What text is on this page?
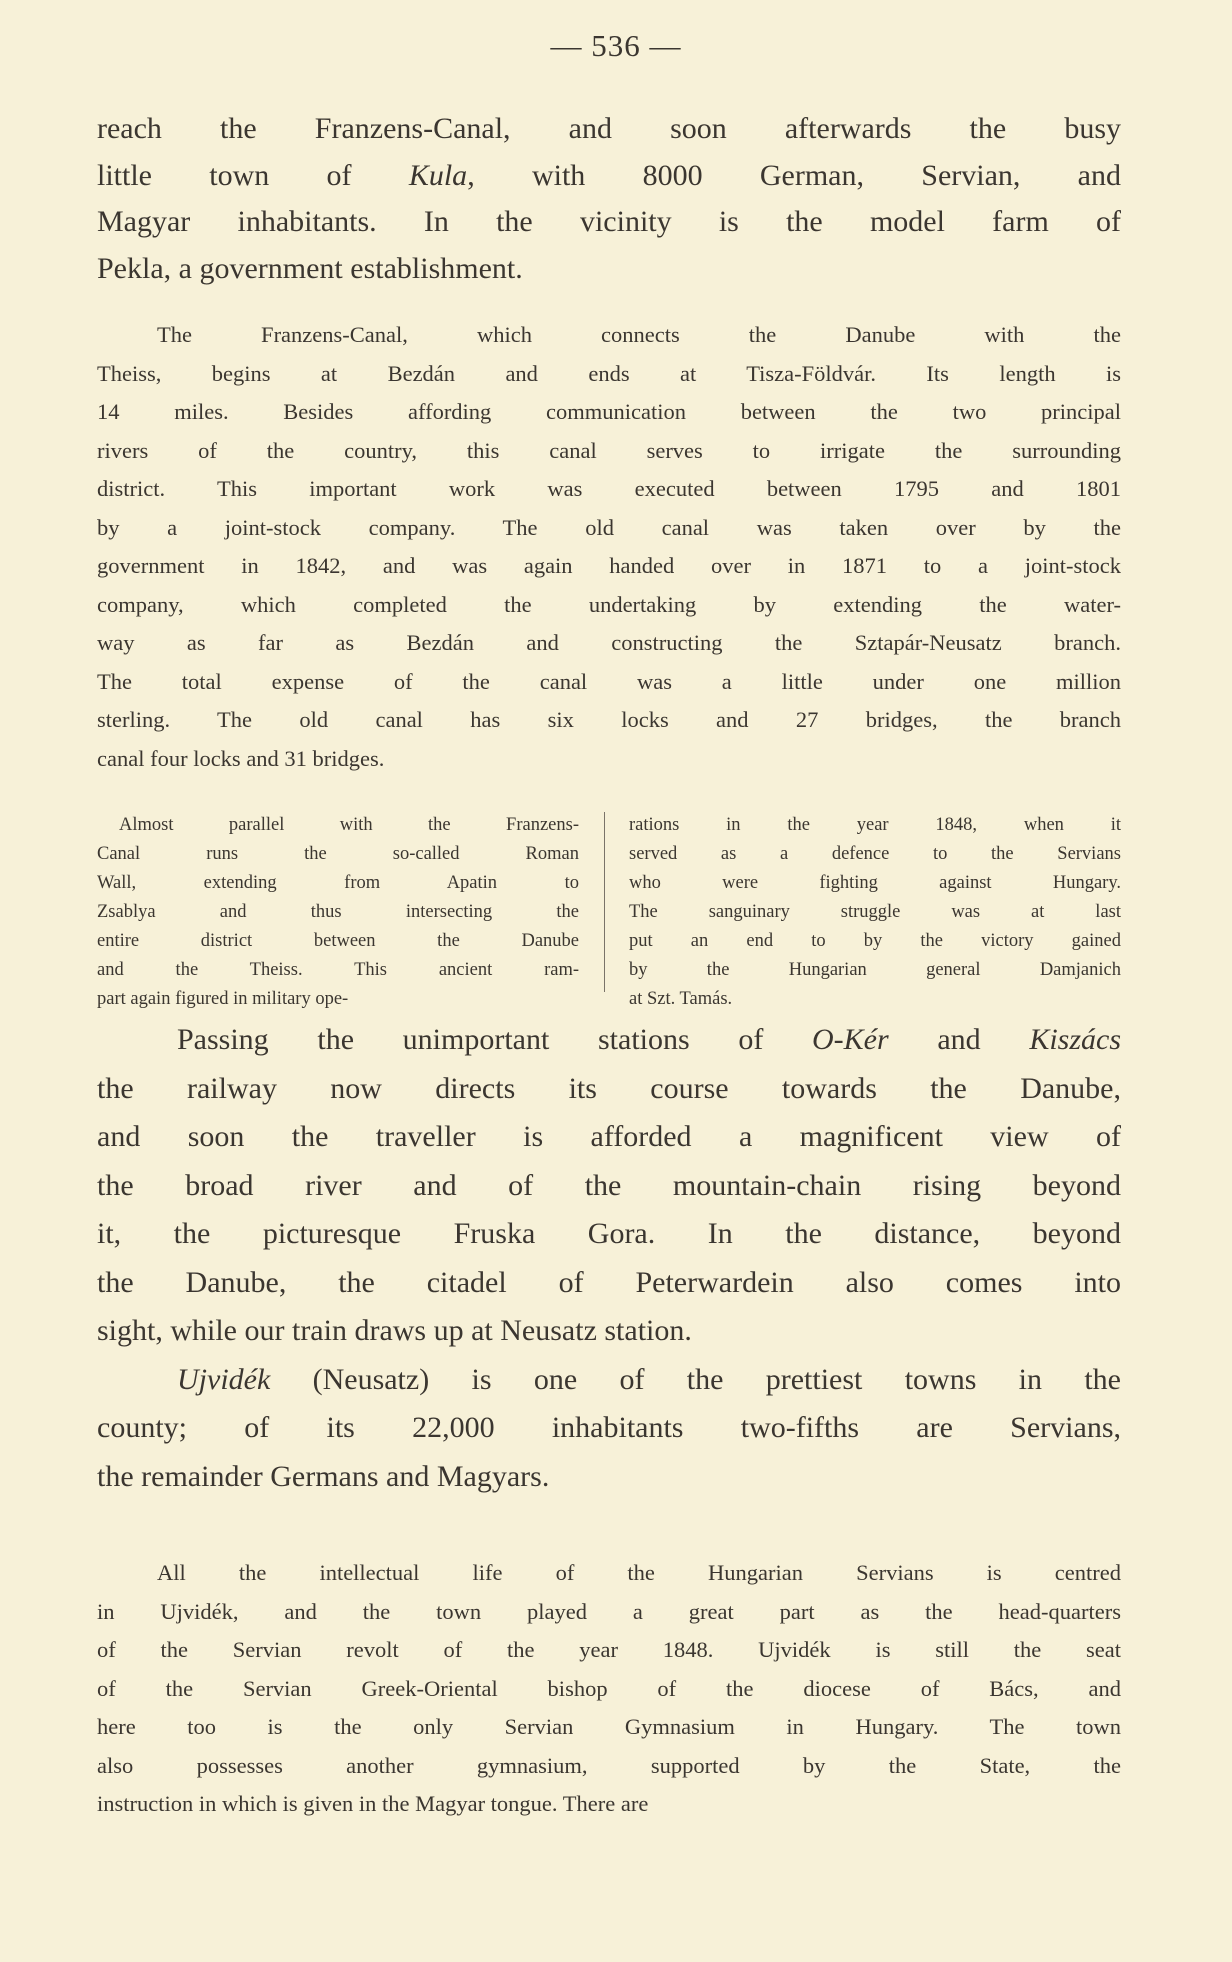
— 536 —
reach the Franzens-Canal, and soon afterwards the busy
little town of Kula, with 8000 German, Servian, and
Magyar inhabitants. In the vicinity is the model farm of
Pekla, a government establishment.
The Franzens-Canal, which connects the Danube with the
Theiss, begins at Bezdán and ends at Tisza-Földvár. Its length is
14 miles. Besides affording communication between the two principal
rivers of the country, this canal serves to irrigate the surrounding
district. This important work was executed between 1795 and 1801
by a joint-stock company. The old canal was taken over by the
government in 1842, and was again handed over in 1871 to a joint-stock
company, which completed the undertaking by extending the water-
way as far as Bezdán and constructing the Sztapár-Neusatz branch.
The total expense of the canal was a little under one million
sterling. The old canal has six locks and 27 bridges, the branch
canal four locks and 31 bridges.
Almost parallel with the Franzens-
Canal runs the so-called Roman
Wall, extending from Apatin to
Zsablya and thus intersecting the
entire district between the Danube
and the Theiss. This ancient ram-
part again figured in military ope-
rations in the year 1848, when it
served as a defence to the Servians
who were fighting against Hungary.
The sanguinary struggle was at last
put an end to by the victory gained
by the Hungarian general Damjanich
at Szt. Tamás.
Passing the unimportant stations of O-Kér and Kiszács
the railway now directs its course towards the Danube,
and soon the traveller is afforded a magnificent view of
the broad river and of the mountain-chain rising beyond
it, the picturesque Fruska Gora. In the distance, beyond
the Danube, the citadel of Peterwardein also comes into
sight, while our train draws up at Neusatz station.
Ujvidék (Neusatz) is one of the prettiest towns in the
county; of its 22,000 inhabitants two-fifths are Servians,
the remainder Germans and Magyars.
All the intellectual life of the Hungarian Servians is centred
in Ujvidék, and the town played a great part as the head-quarters
of the Servian revolt of the year 1848. Ujvidék is still the seat
of the Servian Greek-Oriental bishop of the diocese of Bács, and
here too is the only Servian Gymnasium in Hungary. The town
also possesses another gymnasium, supported by the State, the
instruction in which is given in the Magyar tongue. There are
